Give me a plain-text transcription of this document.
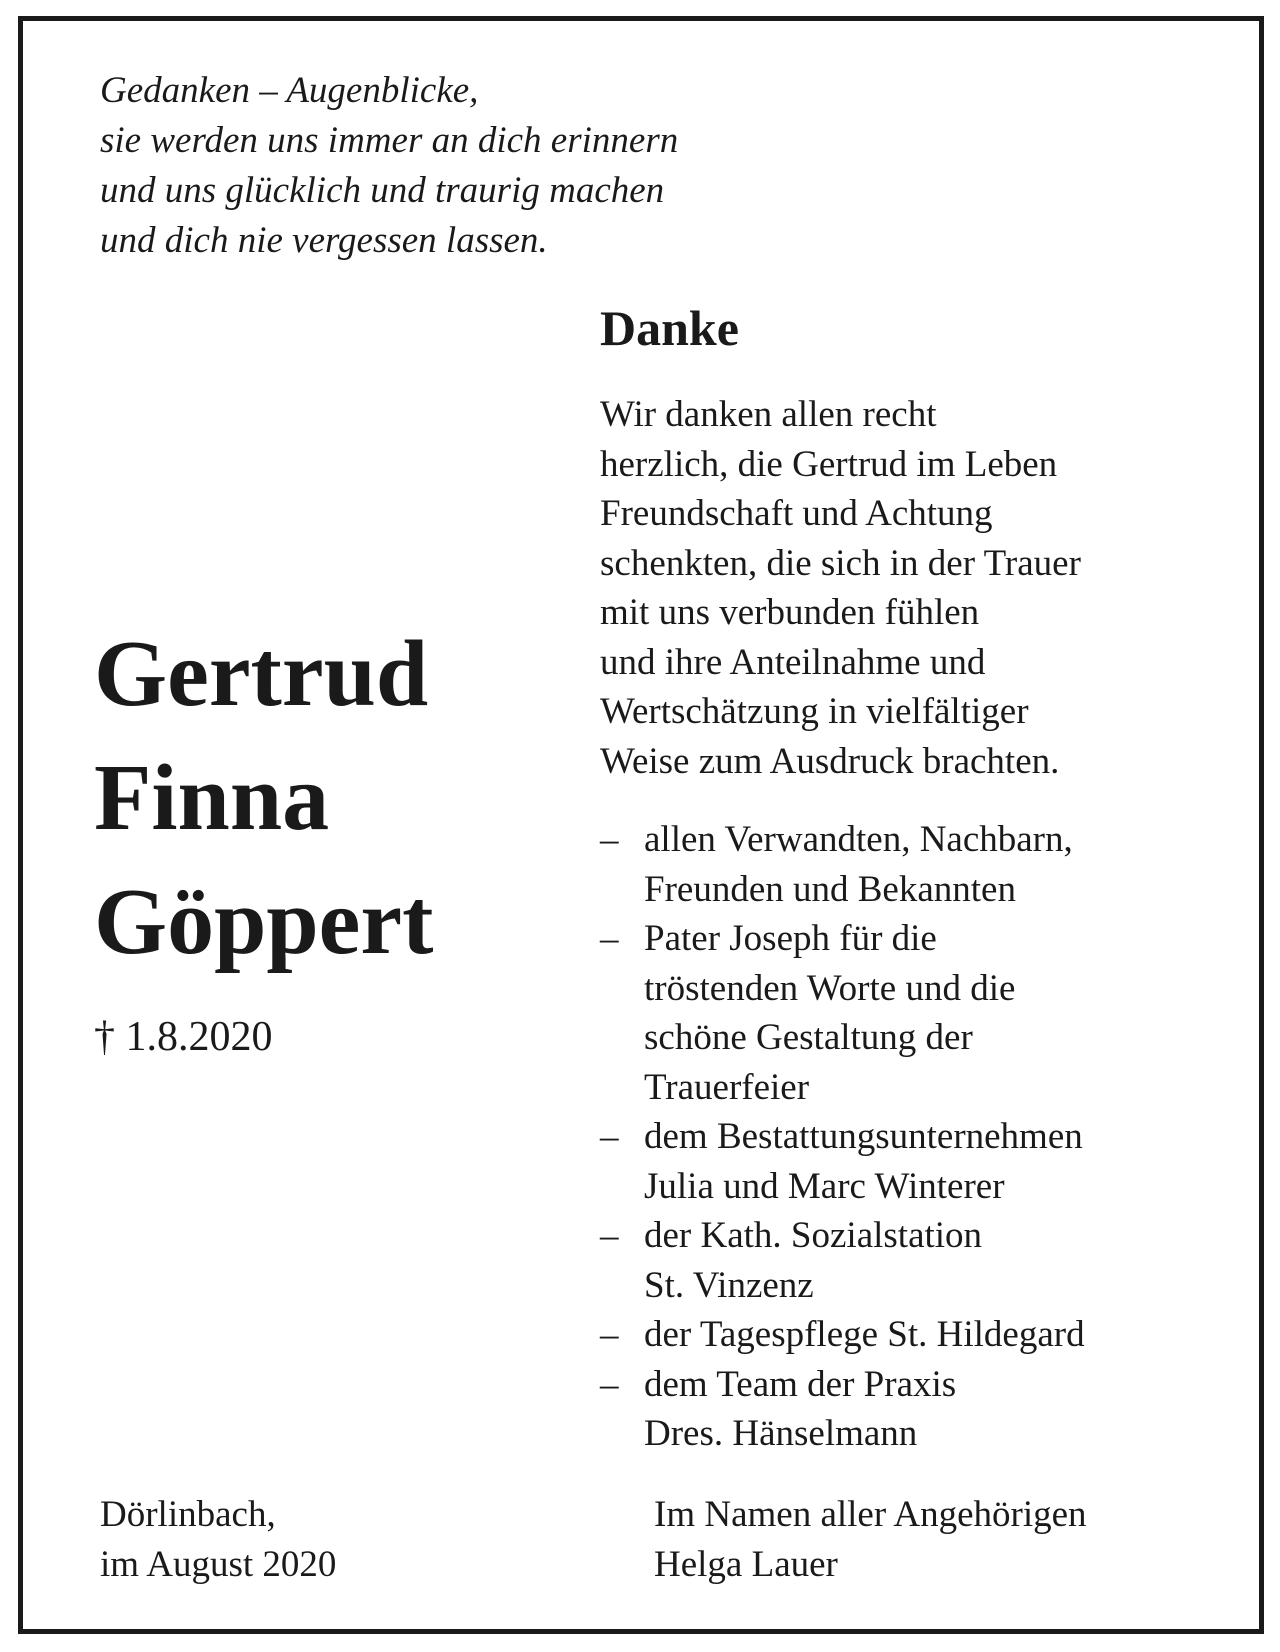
Gedanken – Augenblicke,
sie werden uns immer an dich erinnern
und uns glücklich und traurig machen
und dich nie vergessen lassen.
Danke
Wir danken allen recht
herzlich, die Gertrud im Leben
Freundschaft und Achtung
schenkten, die sich in der Trauer
mit uns verbunden fühlen
und ihre Anteilnahme und
Wertschätzung in vielfältiger
Weise zum Ausdruck brachten.
– allen Verwandten, Nachbarn,
Freunden und Bekannten
– Pater Joseph für die
tröstenden Worte und die
schöne Gestaltung der
Trauerfeier
– dem Bestattungsunternehmen
Julia und Marc Winterer
– der Kath. Sozialstation
St. Vinzenz
– der Tagespflege St. Hildegard
– dem Team der Praxis
Dres. Hänselmann
Gertrud
Finna
Göppert
† 1.8.2020
Dörlinbach,
im August 2020
Im Namen aller Angehörigen
Helga Lauer
